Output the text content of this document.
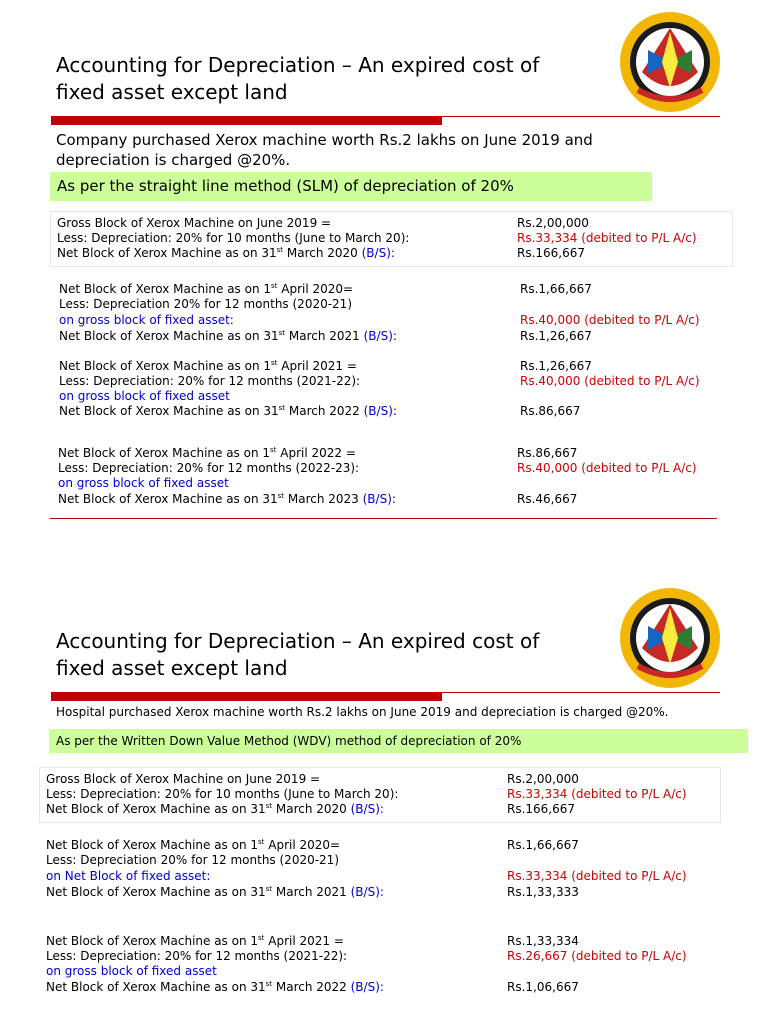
Accounting for Depreciation – An expired cost of
fixed asset except land
Company purchased Xerox machine worth Rs.2 lakhs on June 2019 and
depreciation is charged @20%.
As per the straight line method (SLM) of depreciation of 20%
Gross Block of Xerox Machine on June 2019 =	Rs.2,00,000
Less: Depreciation: 20% for 10 months (June to March 20):	Rs.33,334 (debited to P/L A/c)
Net Block of Xerox Machine as on 31st March 2020 (B/S):	Rs.166,667
Net Block of Xerox Machine as on 1st April 2020=	Rs.1,66,667
Less: Depreciation 20% for 12 months (2020-21)
on gross block of fixed asset:	Rs.40,000 (debited to P/L A/c)
Net Block of Xerox Machine as on 31st March 2021 (B/S):	Rs.1,26,667
Net Block of Xerox Machine as on 1st April 2021 =	Rs.1,26,667
Less: Depreciation: 20% for 12 months (2021-22):	Rs.40,000 (debited to P/L A/c)
on gross block of fixed asset
Net Block of Xerox Machine as on 31st March 2022 (B/S):	Rs.86,667
Net Block of Xerox Machine as on 1st April 2022 =	Rs.86,667
Less: Depreciation: 20% for 12 months (2022-23):	Rs.40,000 (debited to P/L A/c)
on gross block of fixed asset
Net Block of Xerox Machine as on 31st March 2023 (B/S):	Rs.46,667
Accounting for Depreciation – An expired cost of
fixed asset except land
Hospital purchased Xerox machine worth Rs.2 lakhs on June 2019 and depreciation is charged @20%.
As per the Written Down Value Method (WDV) method of depreciation of 20%
Gross Block of Xerox Machine on June 2019 =	Rs.2,00,000
Less: Depreciation: 20% for 10 months (June to March 20):	Rs.33,334 (debited to P/L A/c)
Net Block of Xerox Machine as on 31st March 2020 (B/S):	Rs.166,667
Net Block of Xerox Machine as on 1st April 2020=	Rs.1,66,667
Less: Depreciation 20% for 12 months (2020-21)
on Net Block of fixed asset:	Rs.33,334 (debited to P/L A/c)
Net Block of Xerox Machine as on 31st March 2021 (B/S):	Rs.1,33,333
Net Block of Xerox Machine as on 1st April 2021 =	Rs.1,33,334
Less: Depreciation: 20% for 12 months (2021-22):	Rs.26,667 (debited to P/L A/c)
on gross block of fixed asset
Net Block of Xerox Machine as on 31st March 2022 (B/S):	Rs.1,06,667
